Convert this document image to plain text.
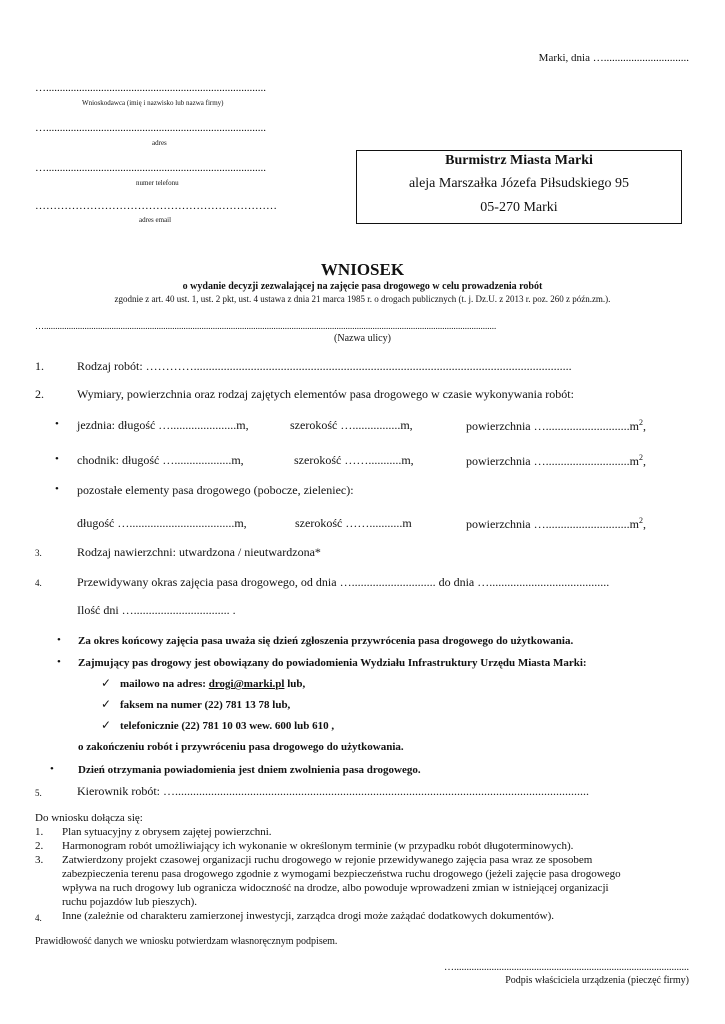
Marki, dnia …...............................
…................................................................................
Wnioskodawca (imię i nazwisko lub nazwa firmy)
…................................................................................
adres
…................................................................................
numer telefonu
…………………………………………………………
adres email
Burmistrz Miasta Marki
aleja Marszałka Józefa Piłsudskiego 95
05-270 Marki
WNIOSEK
o wydanie decyzji zezwalającej na zajęcie pasa drogowego w celu prowadzenia robót
zgodnie z art. 40 ust. 1, ust. 2 pkt, ust. 4 ustawa z dnia 21 marca 1985 r. o drogach publicznych (t. j. Dz.U. z 2013 r. poz. 260 z późn.zm.).
….........................................................................................................................................................................................................
(Nazwa ulicy)
1.	Rodzaj robót: …………..............................................................................................................................
2.	Wymiary, powierzchnia oraz rodzaj zajętych elementów pasa drogowego w czasie wykonywania robót:
• jezdnia: długość …......................m,	szerokość …................m,	powierzchnia $\dots............................m^2$,
• chodnik: długość …...................m,	szerokość ……...........m,	powierzchnia $\dots............................m^2$,
• pozostałe elementy pasa drogowego (pobocze, zieleniec):
długość …...................................m,	szerokość ……...........m	powierzchnia $\dots............................m^2$,
3.	Rodzaj nawierzchni: utwardzona / nieutwardzona*
4.	Przewidywany okras zajęcia pasa drogowego, od dnia …............................ do dnia …........................................
Ilość dni …................................ .
• Za okres końcowy zajęcia pasa uważa się dzień zgłoszenia przywrócenia pasa drogowego do użytkowania.
• Zajmujący pas drogowy jest obowiązany do powiadomienia Wydziału Infrastruktury Urzędu Miasta Marki:
✓ mailowo na adres: drogi@marki.pl lub,
✓ faksem na numer (22) 781 13 78 lub,
✓ telefonicznie (22) 781 10 03 wew. 600 lub 610 ,
o zakończeniu robót i przywróceniu pasa drogowego do użytkowania.
• Dzień otrzymania powiadomienia jest dniem zwolnienia pasa drogowego.
5.	Kierownik robót: …..........................................................................................................................................
Do wniosku dołącza się:
1. Plan sytuacyjny z obrysem zajętej powierzchni.
2. Harmonogram robót umożliwiający ich wykonanie w określonym terminie (w przypadku robót długoterminowych).
3. Zatwierdzony projekt czasowej organizacji ruchu drogowego w rejonie przewidywanego zajęcia pasa wraz ze sposobem
zabezpieczenia terenu pasa drogowego zgodnie z wymogami bezpieczeństwa ruchu drogowego (jeżeli zajęcie pasa drogowego
wpływa na ruch drogowy lub ogranicza widoczność na drodze, albo powoduje wprowadzeni zmian w istniejącej organizacji
ruchu pojazdów lub pieszych).
4. Inne (zależnie od charakteru zamierzonej inwestycji, zarządca drogi może zażądać dodatkowych dokumentów).
Prawidłowość danych we wniosku potwierdzam własnoręcznym podpisem.
…..............................................................................................
Podpis właściciela urządzenia (pieczęć firmy)
